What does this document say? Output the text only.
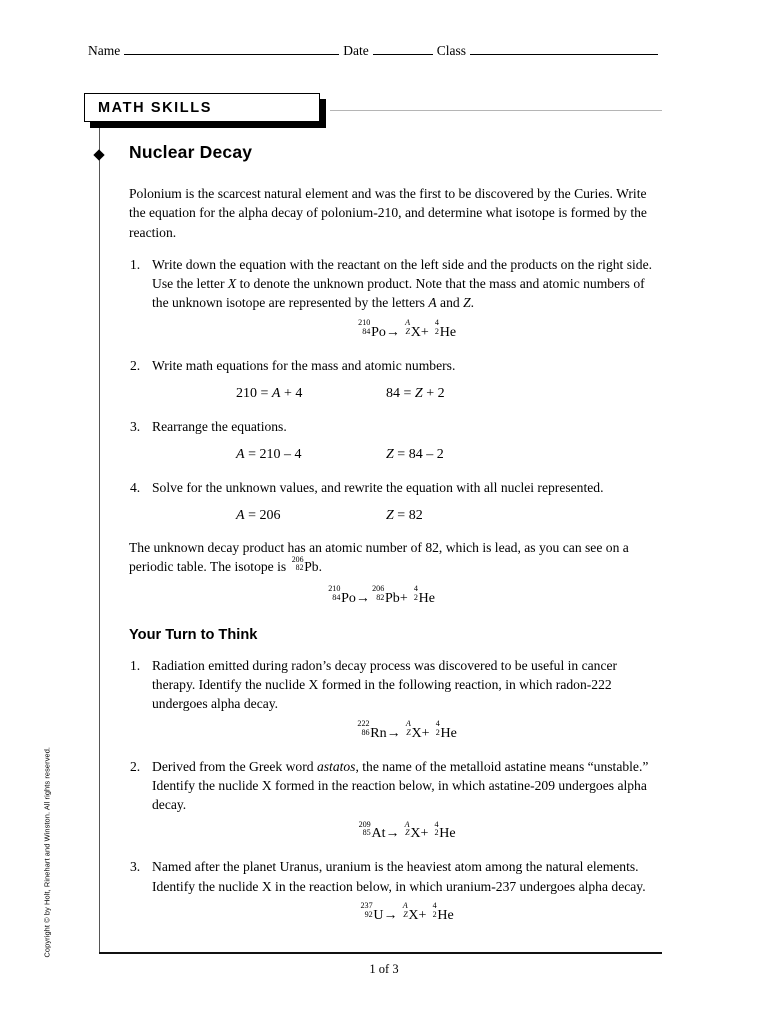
Name	Date	Class
MATH SKILLS
Copyright © by Holt, Rinehart and Winston. All rights reserved.
Nuclear Decay

Polonium is the scarcest natural element and was the first to be discovered by the Curies. Write the equation for the alpha decay of polonium-210, and determine what isotope is formed by the reaction.

1. Write down the equation with the reactant on the left side and the products on the right side. Use the letter X to denote the unknown product. Note that the mass and atomic numbers of the unknown isotope are represented by the letters A and Z.
210
84 Po→
A
Z X+
4
2 He
2. Write math equations for the mass and atomic numbers.
210 = A + 4	84 = Z + 2
3. Rearrange the equations.
A = 210 – 4	Z = 84 – 2
4. Solve for the unknown values, and rewrite the equation with all nuclei represented.
A = 206	Z = 82

The unknown decay product has an atomic number of 82, which is lead, as you can see on a periodic table. The isotope is
206
82 Pb.

210
84 Po→
206
82 Pb+
4
2 He
Your Turn to Think
1. Radiation emitted during radon’s decay process was discovered to be useful in cancer therapy. Identify the nuclide X formed in the following reaction, in which radon-222 undergoes alpha decay.
222
86 Rn→
A
Z X+
4
2 He
2. Derived from the Greek word astatos, the name of the metalloid astatine means “unstable.” Identify the nuclide X formed in the reaction below, in which astatine-209 undergoes alpha decay.
209
85 At→
A
Z X+
4
2 He
3. Named after the planet Uranus, uranium is the heaviest atom among the natural elements. Identify the nuclide X in the reaction below, in which uranium-237 undergoes alpha decay.
237
92 U→
A
Z X+
4
2 He
1 of 3
